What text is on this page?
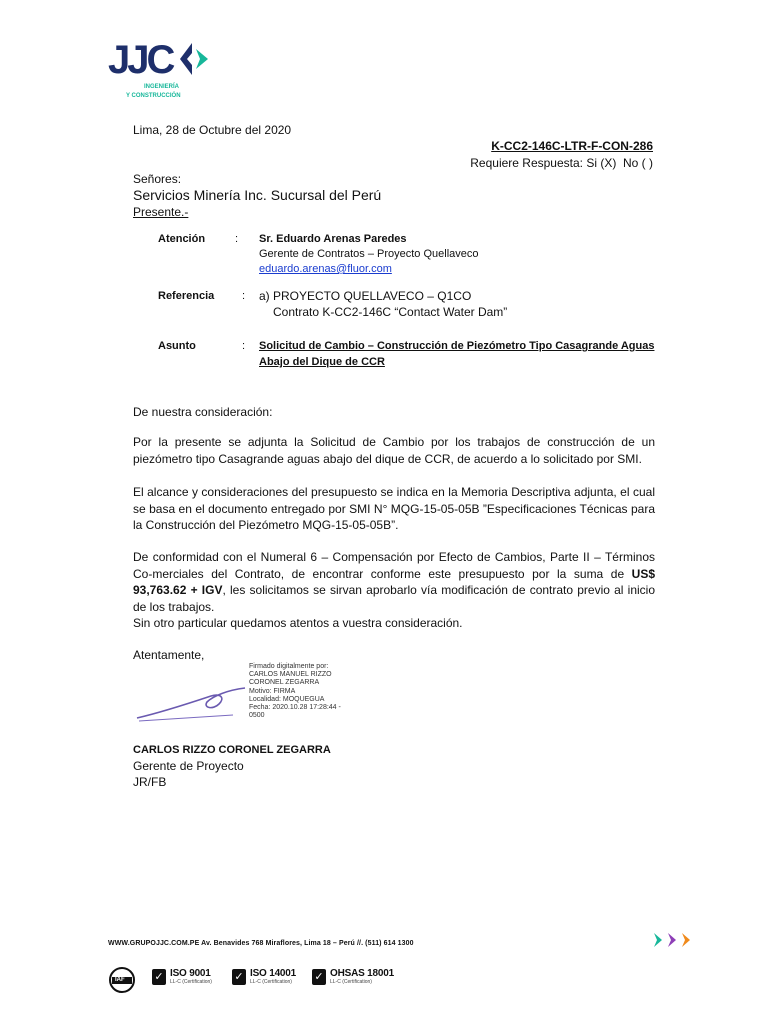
JJC
INGENIERÍA
Y CONSTRUCCIÓN
Lima, 28 de Octubre del 2020
K-CC2-146C-LTR-F-CON-286
Requiere Respuesta: Si (X)  No ( )
Señores:
Servicios Minería Inc. Sucursal del Perú
Presente.-
Atención	: Sr. Eduardo Arenas Paredes
Gerente de Contratos – Proyecto Quellaveco
eduardo.arenas@fluor.com
Referencia	: a) PROYECTO QUELLAVECO – Q1CO
Contrato K-CC2-146C “Contact Water Dam”
Asunto	: Solicitud de Cambio – Construcción de Piezómetro Tipo Casagrande Aguas
Abajo del Dique de CCR
De nuestra consideración:
Por la presente se adjunta la Solicitud de Cambio por los trabajos de construcción de un piezómetro tipo Casagrande aguas abajo del dique de CCR, de acuerdo a lo solicitado por SMI.
El alcance y consideraciones del presupuesto se indica en la Memoria Descriptiva adjunta, el cual se basa en el documento entregado por SMI N° MQG-15-05-05B ”Especificaciones Técnicas para la Construcción del Piezómetro MQG-15-05-05B”.
De conformidad con el Numeral 6 – Compensación por Efecto de Cambios, Parte II – Términos Co-merciales del Contrato, de encontrar conforme este presupuesto por la suma de US$ 93,763.62 + IGV, les solicitamos se sirvan aprobarlo vía modificación de contrato previo al inicio de los trabajos.
Sin otro particular quedamos atentos a vuestra consideración.
Atentamente,
Firmado digitalmente por:
CARLOS MANUEL RIZZO
CORONEL ZEGARRA
Motivo: FIRMA
Localidad: MOQUEGUA
Fecha: 2020.10.28 17:28:44 -
0500
CARLOS RIZZO CORONEL ZEGARRA
Gerente de Proyecto
JR/FB
WWW.GRUPOJJC.COM.PE Av. Benavides 768 Miraflores, Lima 18 – Perú //. (511) 614 1300
IAF	✓ ISO 9001
LL-C (Certification) ✓ ISO 14001
LL-C (Certification)	✓ OHSAS 18001
LL-C (Certification)
